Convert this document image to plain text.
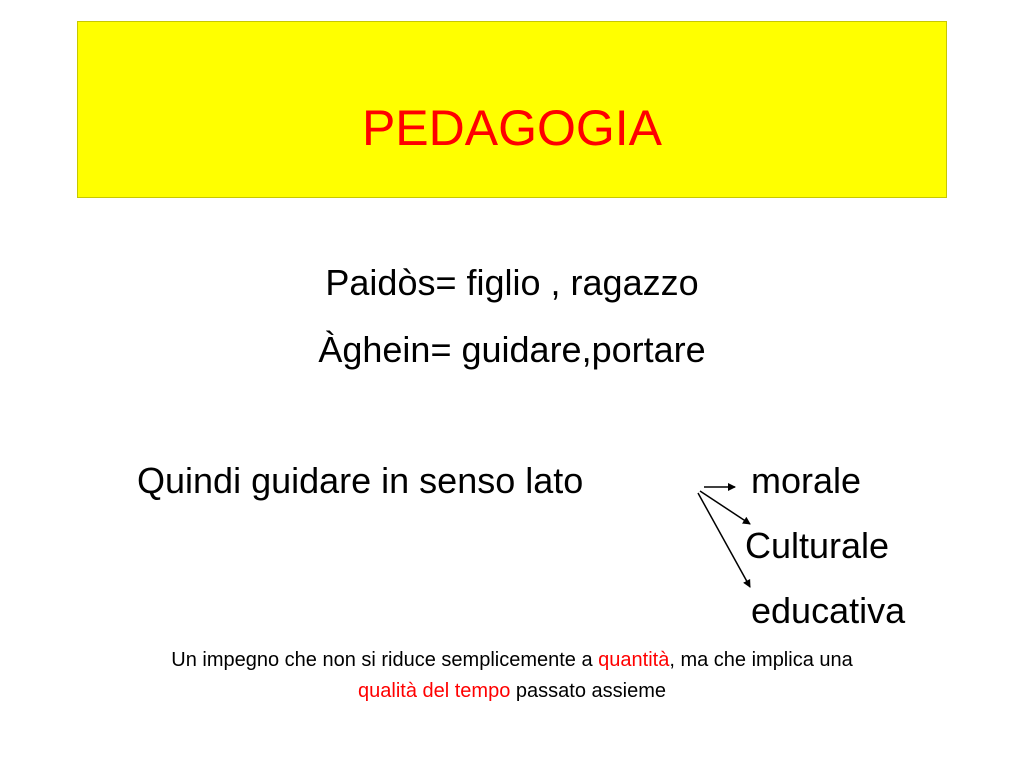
PEDAGOGIA
Paidòs= figlio , ragazzo
Àghein= guidare,portare
Quindi guidare in senso lato	morale
Culturale
educativa
Un impegno che non si riduce semplicemente a quantità, ma che implica una
qualità del tempo passato assieme
